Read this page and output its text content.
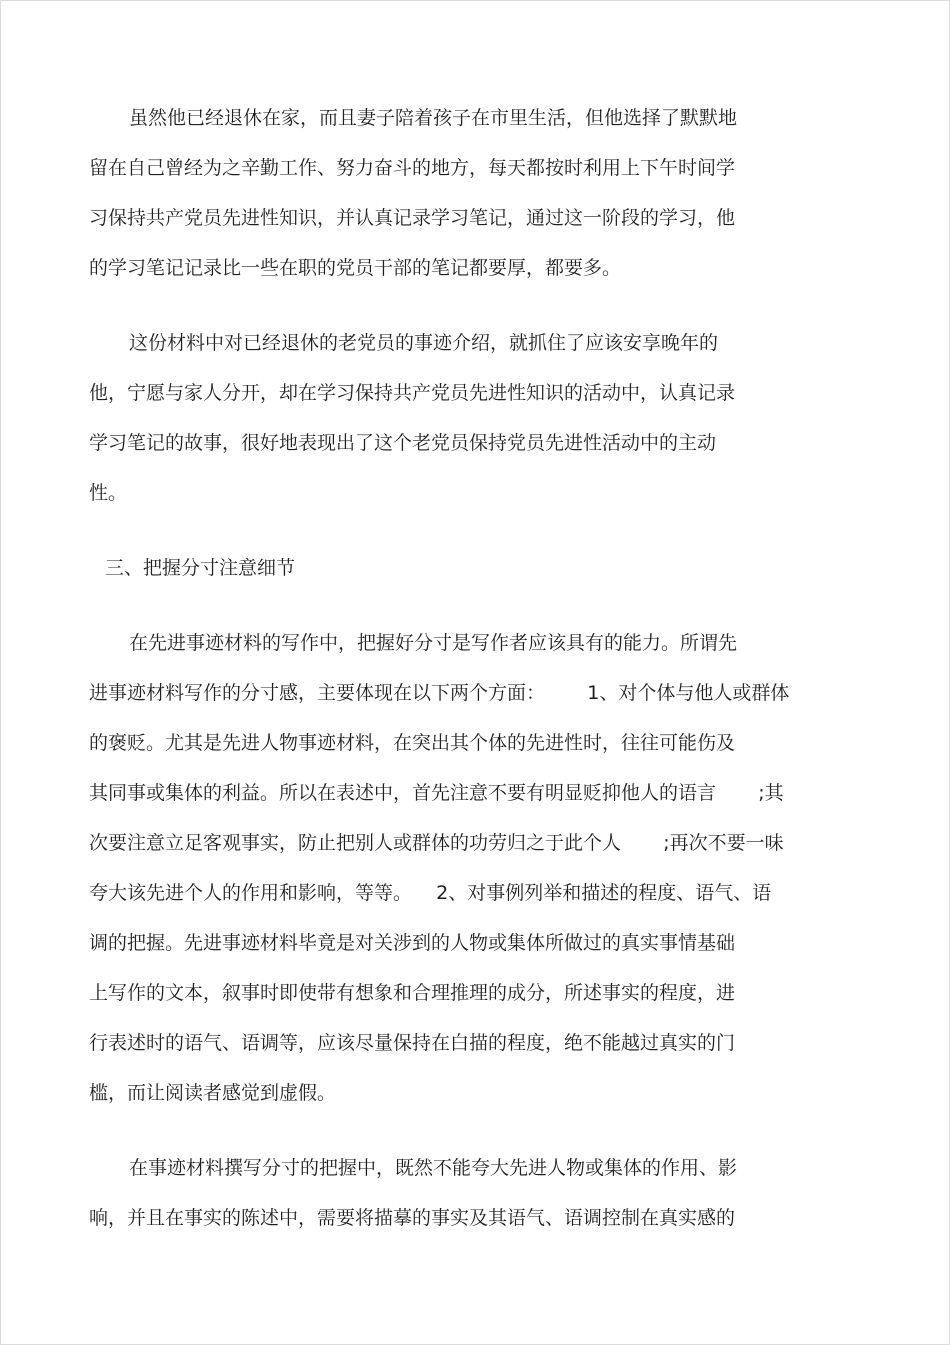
虽然他已经退休在家，而且妻子陪着孩子在市里生活，但他选择了默默地
留在自己曾经为之辛勤工作、努力奋斗的地方，每天都按时利用上下午时间学
习保持共产党员先进性知识，并认真记录学习笔记，通过这一阶段的学习，他
的学习笔记记录比一些在职的党员干部的笔记都要厚，都要多。
这份材料中对已经退休的老党员的事迹介绍，就抓住了应该安享晚年的
他，宁愿与家人分开，却在学习保持共产党员先进性知识的活动中，认真记录
学习笔记的故事，很好地表现出了这个老党员保持党员先进性活动中的主动
性。
三、把握分寸注意细节
在先进事迹材料的写作中，把握好分寸是写作者应该具有的能力。所谓先
进事迹材料写作的分寸感，主要体现在以下两个方面：       1、对个体与他人或群体
的褒贬。尤其是先进人物事迹材料，在突出其个体的先进性时，往往可能伤及
其同事或集体的利益。所以在表述中，首先注意不要有明显贬抑他人的语言       ;其
次要注意立足客观事实，防止把别人或群体的功劳归之于此个人       ;再次不要一味
夸大该先进个人的作用和影响，等等。    2、对事例列举和描述的程度、语气、语
调的把握。先进事迹材料毕竟是对关涉到的人物或集体所做过的真实事情基础
上写作的文本，叙事时即使带有想象和合理推理的成分，所述事实的程度，进
行表述时的语气、语调等，应该尽量保持在白描的程度，绝不能越过真实的门
槛，而让阅读者感觉到虚假。
在事迹材料撰写分寸的把握中，既然不能夸大先进人物或集体的作用、影
响，并且在事实的陈述中，需要将描摹的事实及其语气、语调控制在真实感的
